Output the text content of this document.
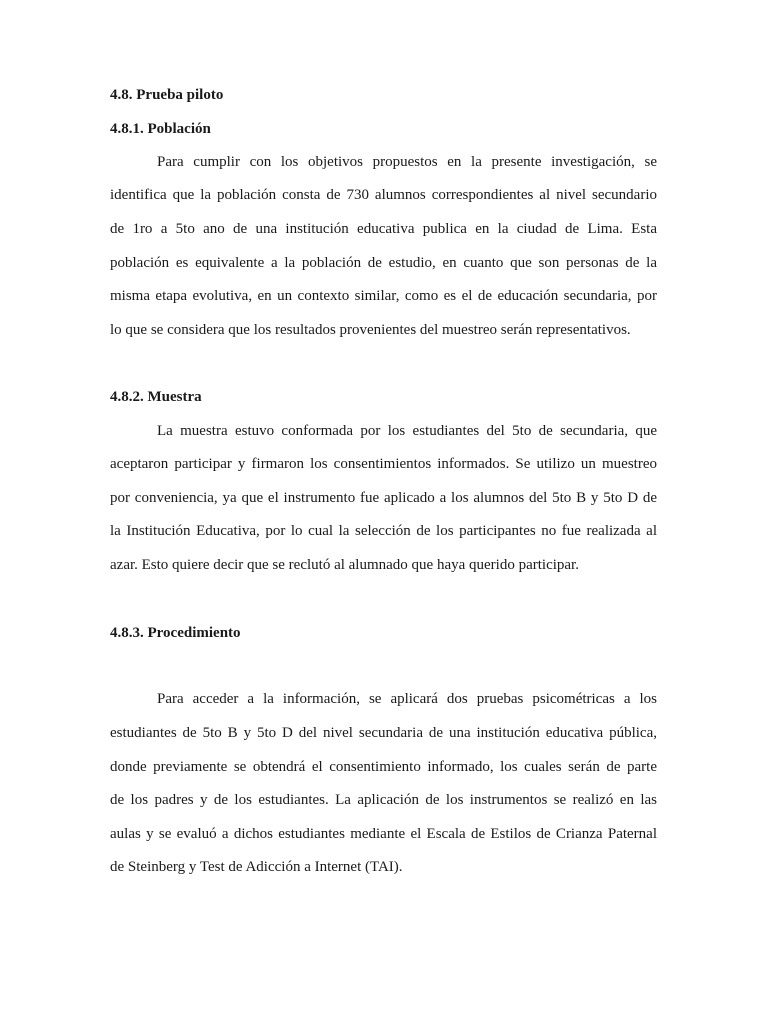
4.8. Prueba piloto
4.8.1. Población
Para cumplir con los objetivos propuestos en la presente investigación, se
identifica que la población consta de 730 alumnos correspondientes al nivel secundario
de 1ro a 5to ano de una institución educativa publica en la ciudad de Lima. Esta
población es equivalente a la población de estudio, en cuanto que son personas de la
misma etapa evolutiva, en un contexto similar, como es el de educación secundaria, por
lo que se considera que los resultados provenientes del muestreo serán representativos.
4.8.2. Muestra
La muestra estuvo conformada por los estudiantes del 5to de secundaria, que
aceptaron participar y firmaron los consentimientos informados. Se utilizo un muestreo
por conveniencia, ya que el instrumento fue aplicado a los alumnos del 5to B y 5to D de
la Institución Educativa, por lo cual la selección de los participantes no fue realizada al
azar. Esto quiere decir que se reclutó al alumnado que haya querido participar.
4.8.3. Procedimiento
Para acceder a la información, se aplicará dos pruebas psicométricas a los
estudiantes de 5to B y 5to D del nivel secundaria de una institución educativa pública,
donde previamente se obtendrá el consentimiento informado, los cuales serán de parte
de los padres y de los estudiantes. La aplicación de los instrumentos se realizó en las
aulas y se evaluó a dichos estudiantes mediante el Escala de Estilos de Crianza Paternal
de Steinberg y Test de Adicción a Internet (TAI).
